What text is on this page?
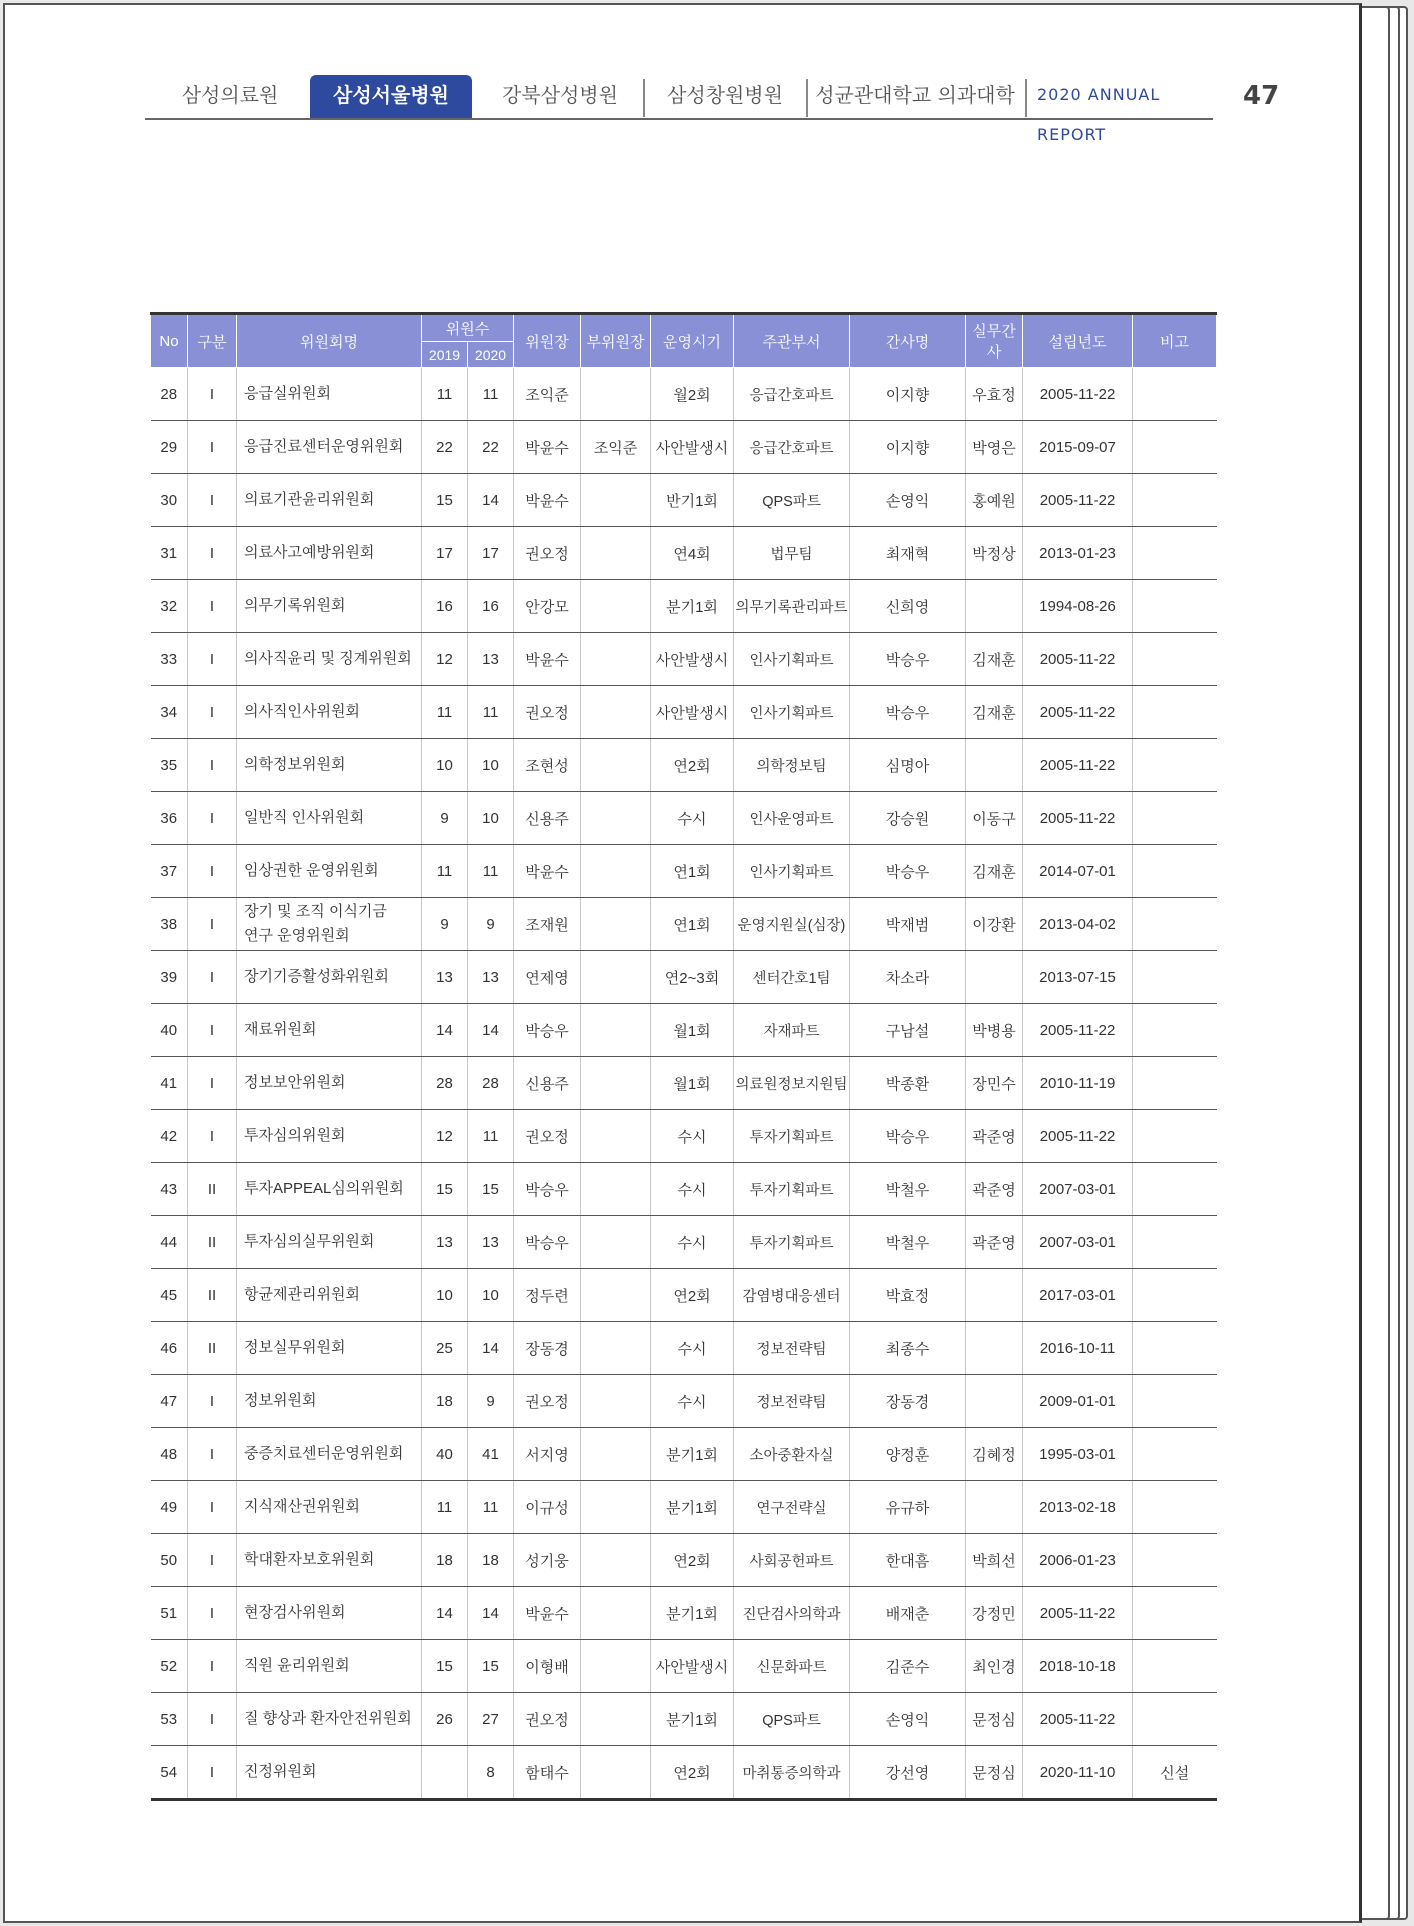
삼성의료원	삼성서울병원	강북삼성병원	삼성창원병원	성균관대학교 의과대학	2020 ANNUAL REPORT
47
No	구분	위원회명	위원수		위원장	부위원장	운영시기	주관부서	간사명	실무간사	설립년도	비고
			2019	2020								
28	I	응급실위원회	11	11	조익준		월2회	응급간호파트	이지향	우효정	2005-11-22	
29	I	응급진료센터운영위원회	22	22	박윤수	조익준	사안발생시	응급간호파트	이지향	박영은	2015-09-07	
30	I	의료기관윤리위원회	15	14	박윤수		반기1회	QPS파트	손영익	홍예원	2005-11-22	
31	I	의료사고예방위원회	17	17	권오정		연4회	법무팀	최재혁	박정상	2013-01-23	
32	I	의무기록위원회	16	16	안강모		분기1회	의무기록관리파트	신희영		1994-08-26	
33	I	의사직윤리 및 징계위원회	12	13	박윤수		사안발생시	인사기획파트	박승우	김재훈	2005-11-22	
34	I	의사직인사위원회	11	11	권오정		사안발생시	인사기획파트	박승우	김재훈	2005-11-22	
35	I	의학정보위원회	10	10	조현성		연2회	의학정보팀	심명아		2005-11-22	
36	I	일반직 인사위원회	9	10	신용주		수시	인사운영파트	강승원	이동구	2005-11-22	
37	I	임상권한 운영위원회	11	11	박윤수		연1회	인사기획파트	박승우	김재훈	2014-07-01	
38	I	장기 및 조직 이식기금
연구 운영위원회	9	9	조재원		연1회	운영지원실(심장)	박재범	이강환	2013-04-02	
39	I	장기기증활성화위원회	13	13	연제영		연2~3회	센터간호1팀	차소라		2013-07-15	
40	I	재료위원회	14	14	박승우		월1회	자재파트	구남설	박병용	2005-11-22	
41	I	정보보안위원회	28	28	신용주		월1회	의료원정보지원팀	박종환	장민수	2010-11-19	
42	I	투자심의위원회	12	11	권오정		수시	투자기획파트	박승우	곽준영	2005-11-22	
43	II	투자APPEAL심의위원회	15	15	박승우		수시	투자기획파트	박철우	곽준영	2007-03-01	
44	II	투자심의실무위원회	13	13	박승우		수시	투자기획파트	박철우	곽준영	2007-03-01	
45	II	항균제관리위원회	10	10	정두련		연2회	감염병대응센터	박효정		2017-03-01	
46	II	정보실무위원회	25	14	장동경		수시	정보전략팀	최종수		2016-10-11	
47	I	정보위원회	18	9	권오정		수시	정보전략팀	장동경		2009-01-01	
48	I	중증치료센터운영위원회	40	41	서지영		분기1회	소아중환자실	양정훈	김혜정	1995-03-01	
49	I	지식재산권위원회	11	11	이규성		분기1회	연구전략실	유규하		2013-02-18	
50	I	학대환자보호위원회	18	18	성기웅		연2회	사회공헌파트	한대흠	박희선	2006-01-23	
51	I	현장검사위원회	14	14	박윤수		분기1회	진단검사의학과	배재춘	강정민	2005-11-22	
52	I	직원 윤리위원회	15	15	이형배		사안발생시	신문화파트	김준수	최인경	2018-10-18	
53	I	질 향상과 환자안전위원회	26	27	권오정		분기1회	QPS파트	손영익	문정심	2005-11-22	
54	I	진정위원회		8	함태수		연2회	마취통증의학과	강선영	문정심	2020-11-10	신설
